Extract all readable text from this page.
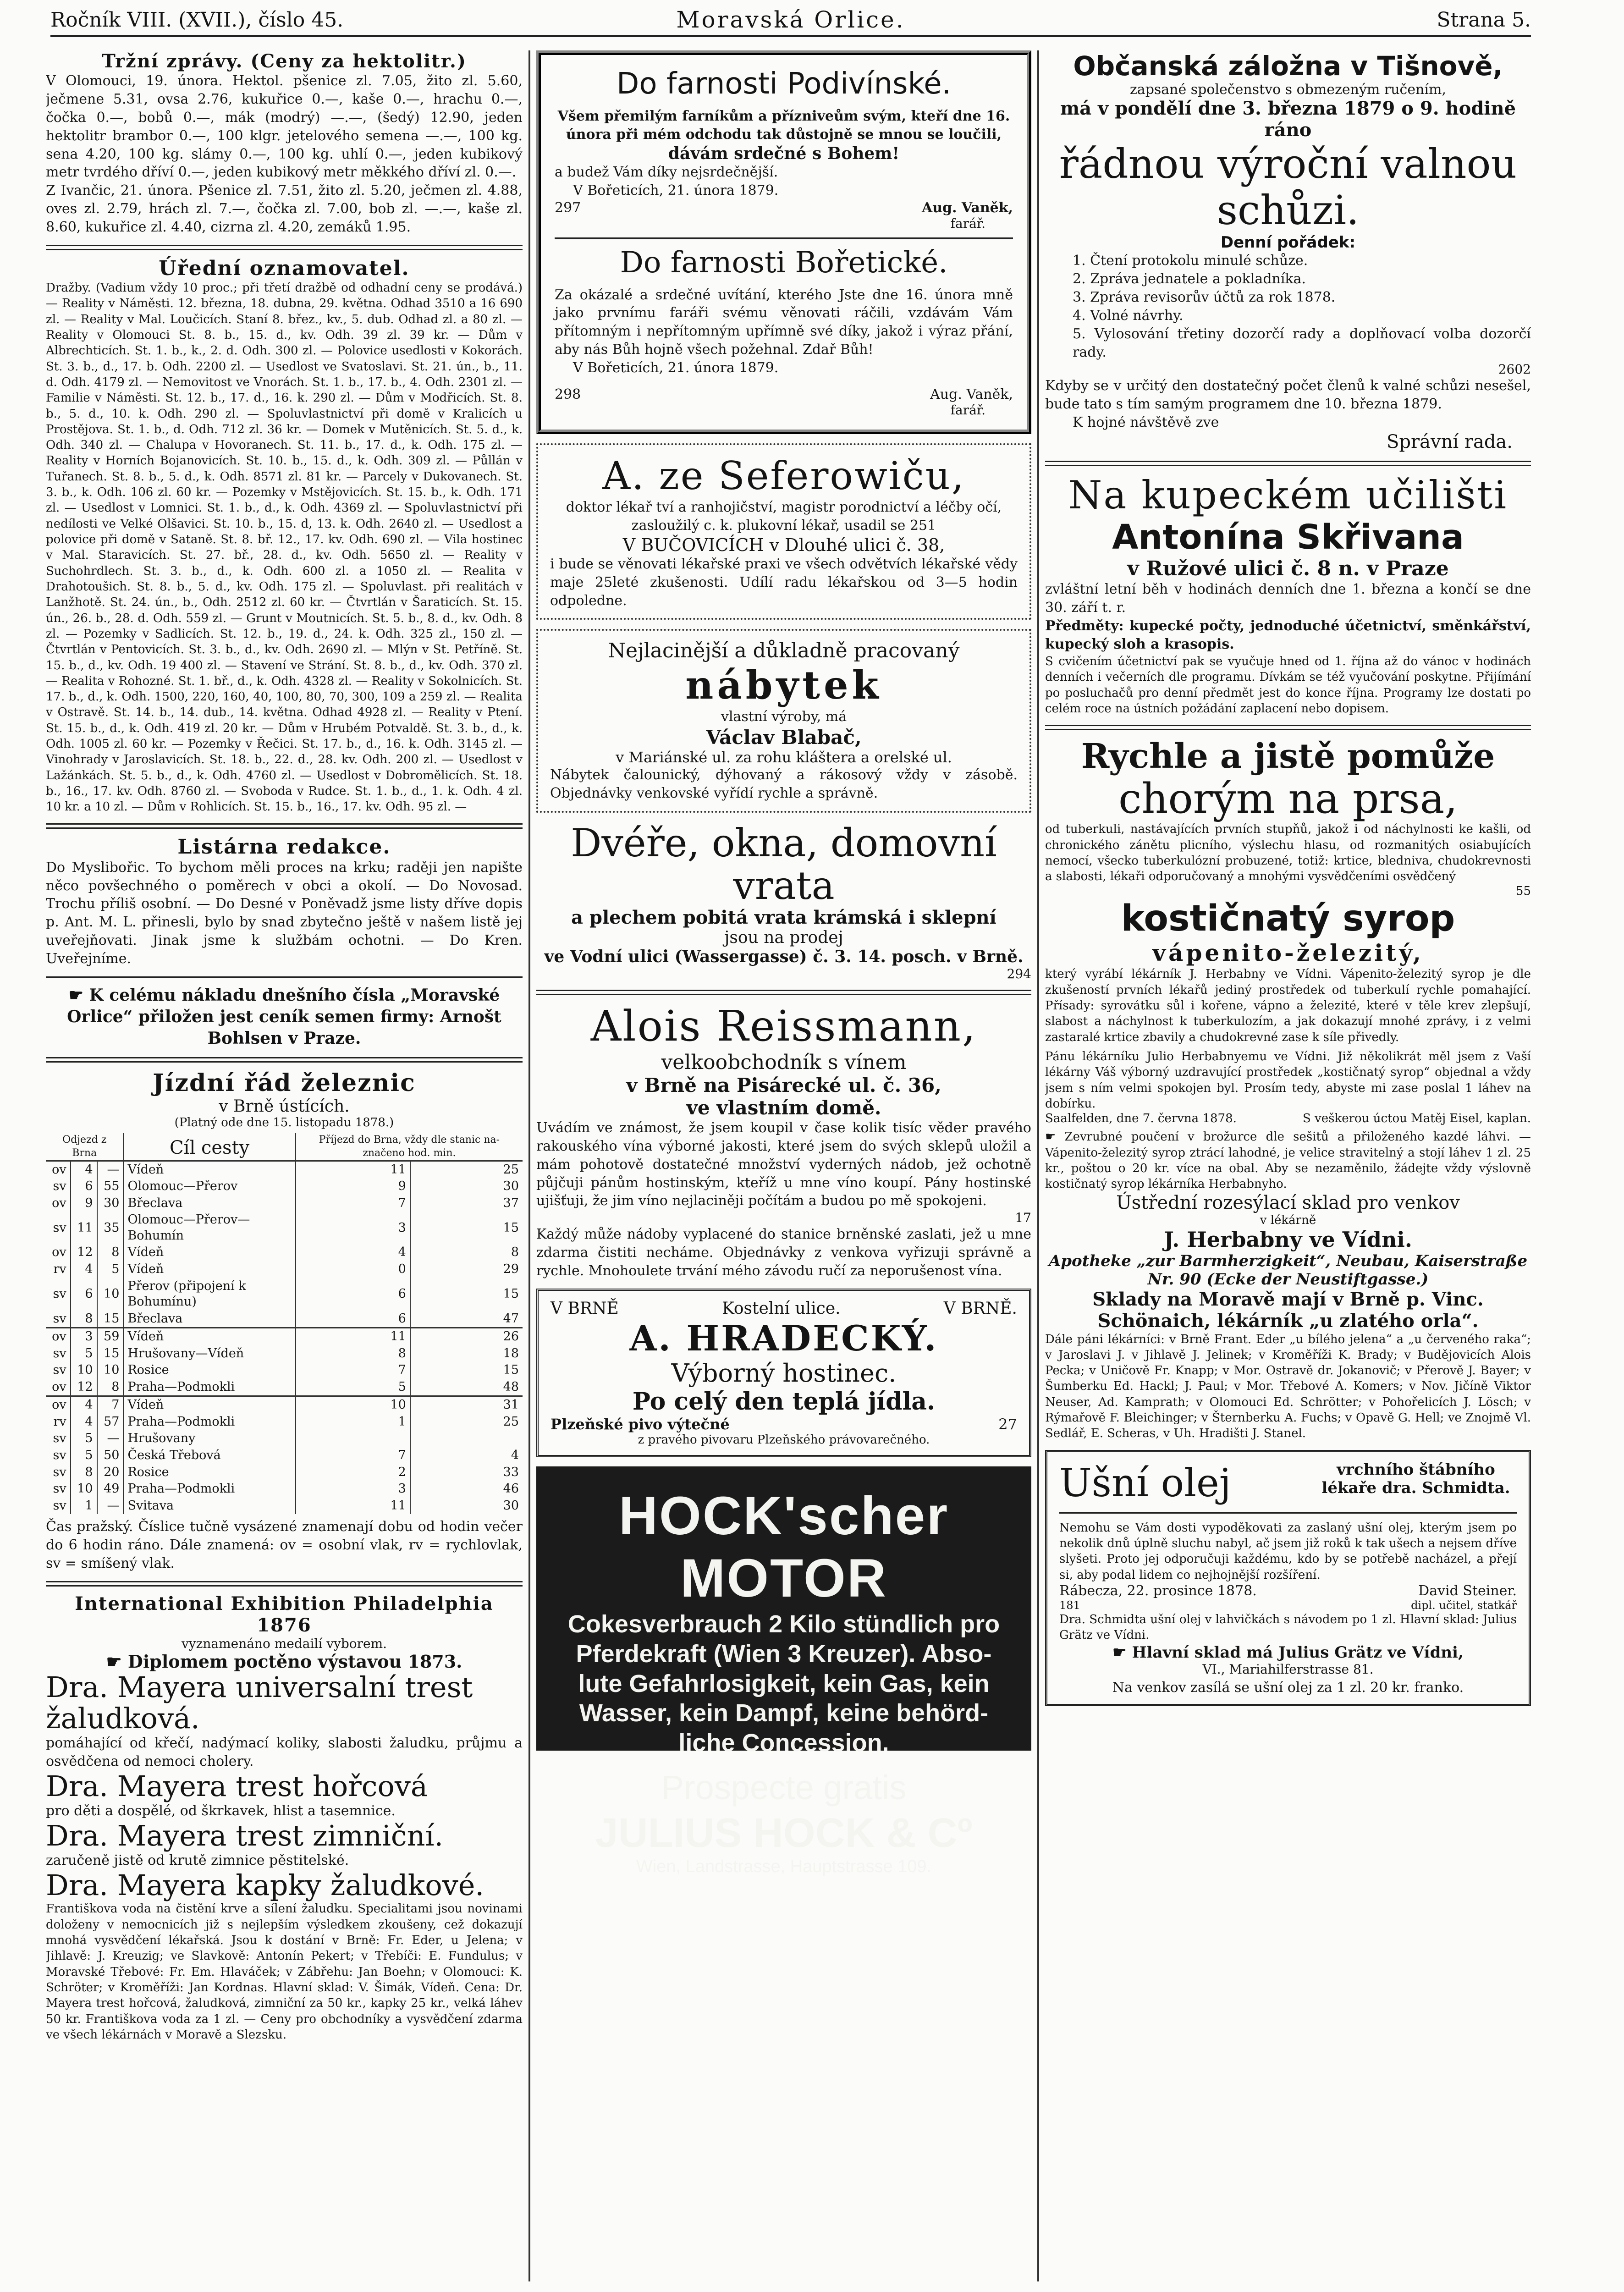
Ročník VIII. (XVII.), číslo 45.	Moravská Orlice.	Strana 5.
Tržní zprávy. (Ceny za hektolitr.)
V Olomouci, 19. února. Hektol. pšenice zl. 7.05, žito zl. 5.60, ječmene 5.31, ovsa 2.76, kukuřice 0.—, kaše 0.—, hrachu 0.—, čočka 0.—, bobů 0.—, mák (modrý) —.—, (šedý) 12.90, jeden hektolitr brambor 0.—, 100 klgr. jetelového semena —.—, 100 kg. sena 4.20, 100 kg. slámy 0.—, 100 kg. uhlí 0.—, jeden kubikový metr tvrdého dříví 0.—, jeden kubikový metr měkkého dříví zl. 0.—.
Z Ivančic, 21. února. Pšenice zl. 7.51, žito zl. 5.20, ječmen zl. 4.88, oves zl. 2.79, hrách zl. 7.—, čočka zl. 7.00, bob zl. —.—, kaše zl. 8.60, kukuřice zl. 4.40, cizrna zl. 4.20, zemáků 1.95.
Úřední oznamovatel.
Dražby. (Vadium vždy 10 proc.; při třetí dražbě od odhadní ceny se prodává.) — Reality v Náměsti. 12. března, 18. dubna, 29. května. Odhad 3510 a 16 690 zl. — Reality v Mal. Loučicích. Staní 8. břez., kv., 5. dub. Odhad zl. a 80 zl. — Reality v Olomouci St. 8. b., 15. d., kv. Odh. 39 zl. 39 kr. — Dům v Albrechticích. St. 1. b., k., 2. d. Odh. 300 zl. — Polovice usedlosti v Kokorách. St. 3. b., d., 17. b. Odh. 2200 zl. — Usedlost ve Svatoslavi. St. 21. ún., b., 11. d. Odh. 4179 zl. — Nemovitost ve Vnorách. St. 1. b., 17. b., 4. Odh. 2301 zl. — Familie v Náměsti. St. 12. b., 17. d., 16. k. 290 zl. — Dům v Modřicích. St. 8. b., 5. d., 10. k. Odh. 290 zl. — Spoluvlastnictví při domě v Kralicích u Prostějova. St. 1. b., d. Odh. 712 zl. 36 kr. — Domek v Mutěnicích. St. 5. d., k. Odh. 340 zl. — Chalupa v Hovoranech. St. 11. b., 17. d., k. Odh. 175 zl. — Reality v Horních Bojanovicích. St. 10. b., 15. d., k. Odh. 309 zl. — Půllán v Tuřanech. St. 8. b., 5. d., k. Odh. 8571 zl. 81 kr. — Parcely v Dukovanech. St. 3. b., k. Odh. 106 zl. 60 kr. — Pozemky v Mstějovicích. St. 15. b., k. Odh. 171 zl. — Usedlost v Lomnici. St. 1. b., d., k. Odh. 4369 zl. — Spoluvlastnictví při nedílosti ve Velké Olšavici. St. 10. b., 15. d, 13. k. Odh. 2640 zl. — Usedlost a polovice při domě v Sataně. St. 8. bř. 12., 17. kv. Odh. 690 zl. — Vila hostinec v Mal. Staravicích. St. 27. bř., 28. d., kv. Odh. 5650 zl. — Reality v Suchohrdlech. St. 3. b., d., k. Odh. 600 zl. a 1050 zl. — Realita v Drahotoušich. St. 8. b., 5. d., kv. Odh. 175 zl. — Spoluvlast. při realitách v Lanžhotě. St. 24. ún., b., Odh. 2512 zl. 60 kr. — Čtvrtlán v Šaraticích. St. 15. ún., 26. b., 28. d. Odh. 559 zl. — Grunt v Moutnicích. St. 5. b., 8. d., kv. Odh. 8 zl. — Pozemky v Sadlicích. St. 12. b., 19. d., 24. k. Odh. 325 zl., 150 zl. — Čtvrtlán v Pentovicích. St. 3. b., d., kv. Odh. 2690 zl. — Mlýn v St. Petříně. St. 15. b., d., kv. Odh. 19 400 zl. — Stavení ve Strání. St. 8. b., d., kv. Odh. 370 zl. — Realita v Rohozné. St. 1. bř., d., k. Odh. 4328 zl. — Reality v Sokolnicích. St. 17. b., d., k. Odh. 1500, 220, 160, 40, 100, 80, 70, 300, 109 a 259 zl. — Realita v Ostravě. St. 14. b., 14. dub., 14. května. Odhad 4928 zl. — Reality v Ptení. St. 15. b., d., k. Odh. 419 zl. 20 kr. — Dům v Hrubém Potvaldě. St. 3. b., d., k. Odh. 1005 zl. 60 kr. — Pozemky v Řečici. St. 17. b., d., 16. k. Odh. 3145 zl. — Vinohrady v Jaroslavicích. St. 18. b., 22. d., 28. kv. Odh. 200 zl. — Usedlost v Lažánkách. St. 5. b., d., k. Odh. 4760 zl. — Usedlost v Dobromělicích. St. 18. b., 16., 17. kv. Odh. 8760 zl. — Svoboda v Rudce. St. 1. b., d., 1. k. Odh. 4 zl. 10 kr. a 10 zl. — Dům v Rohlicích. St. 15. b., 16., 17. kv. Odh. 95 zl. —
Listárna redakce.
Do Myslibořic. To bychom měli proces na krku; raději jen napište něco povšechného o poměrech v obci a okolí. — Do Novosad. Trochu příliš osobní. — Do Desné v Poněvadž jsme listy dříve dopis p. Ant. M. L. přinesli, bylo by snad zbytečno ještě v našem listě jej uveřejňovati. Jinak jsme k službám ochotni. — Do Kren. Uveřejníme.
☛ K celému nákladu dnešního čísla „Moravské Orlice“ přiložen jest ceník semen firmy: Arnošt Bohlsen v Praze.
Jízdní řád železnic
v Brně ústících.
(Platný ode dne 15. listopadu 1878.)
Odjezd z Brna			Cíl cesty	Příjezd do Brna, vždy dle stanic naznačeno hod. min.	
ov	4	—	Vídeň	11	25
sv	6	55	Olomouc—Přerov	9	30
ov	9	30	Břeclava	7	37
sv	11	35	Olomouc—Přerov—Bohumín	3	15
ov	12	8	Vídeň	4	8
rv	4	5	Vídeň	0	29
sv	6	10	Přerov (připojení k Bohumínu)	6	15
sv	8	15	Břeclava	6	47
ov	3	59	Vídeň	11	26
sv	5	15	Hrušovany—Vídeň	8	18
sv	10	10	Rosice	7	15
ov	12	8	Praha—Podmokli	5	48
ov	4	7	Vídeň	10	31
rv	4	57	Praha—Podmokli	1	25
sv	5	—	Hrušovany		
sv	5	50	Česká Třebová	7	4
sv	8	20	Rosice	2	33
sv	10	49	Praha—Podmokli	3	46
sv	1	—	Svitava	11	30
Čas pražský. Číslice tučně vysázené znamenají dobu od hodin večer do 6 hodin ráno. Dále znamená: ov = osobní vlak, rv = rychlovlak, sv = smíšený vlak.
International Exhibition Philadelphia 1876
vyznamenáno medailí vyborem.
☛ Diplomem poctěno výstavou 1873.
Dra. Mayera universalní trest žaludková.
pomáhající od křečí, nadýmací koliky, slabosti žaludku, průjmu a osvědčena od nemoci cholery.
Dra. Mayera trest hořcová
pro děti a dospělé, od škrkavek, hlist a tasemnice.
Dra. Mayera trest zimniční.
zaručeně jistě od krutě zimnice pěstitelské.
Dra. Mayera kapky žaludkové.
Františkova voda na čistění krve a sílení žaludku. Specialitami jsou novinami doloženy v nemocnicích již s nejlepším výsledkem zkoušeny, cež dokazují mnohá vysvědčení lékařská. Jsou k dostání v Brně: Fr. Eder, u Jelena; v Jihlavě: J. Kreuzig; ve Slavkově: Antonín Pekert; v Třebíči: E. Fundulus; v Moravské Třebové: Fr. Em. Hlaváček; v Zábřehu: Jan Boehn; v Olomouci: K. Schröter; v Kroměříži: Jan Kordnas. Hlavní sklad: V. Šimák, Vídeň. Cena: Dr. Mayera trest hořcová, žaludková, zimniční za 50 kr., kapky 25 kr., velká láhev 50 kr. Františkova voda za 1 zl. — Ceny pro obchodníky a vysvědčení zdarma ve všech lékárnách v Moravě a Slezsku.
Do farnosti Podivínské.
Všem přemilým farníkům a přízniveům svým, kteří dne 16. února při mém odchodu tak důstojně se mnou se loučili,
dávám srdečné s Bohem!
a budež Vám díky nejsrdečnější.
V Bořeticích, 21. února 1879.
297	Aug. Vaněk,
farář.
Do farnosti Bořetické.
Za okázalé a srdečné uvítání, kterého Jste dne 16. února mně jako prvnímu faráři svému věnovati ráčili, vzdávám Vám přítomným i nepřítomným upřímně své díky, jakož i výraz přání, aby nás Bůh hojně všech požehnal. Zdař Bůh!
V Bořeticích, 21. února 1879.
298	Aug. Vaněk,
farář.
A. ze Seferowiču,
doktor lékař tví a ranhojičství, magistr porodnictví a léčby očí, zasloužilý c. k. plukovní lékař, usadil se 251
V BUČOVICÍCH v Dlouhé ulici č. 38,
i bude se věnovati lékařské praxi ve všech odvětvích lékařské vědy maje 25leté zkušenosti. Udílí radu lékařskou od 3—5 hodin odpoledne.
Nejlacinější a důkladně pracovaný
nábytek
vlastní výroby, má
Václav Blabač,
v Mariánské ul. za rohu kláštera a orelské ul.
Nábytek čalounický, dýhovaný a rákosový vždy v zásobě. Objednávky venkovské vyřídí rychle a správně.
Dvéře, okna, domovní vrata
a plechem pobitá vrata krámská i sklepní
jsou na prodej
ve Vodní ulici (Wassergasse) č. 3. 14. posch. v Brně.
294
Alois Reissmann,
velkoobchodník s vínem
v Brně na Pisárecké ul. č. 36,
ve vlastním domě.
Uvádím ve známost, že jsem koupil v čase kolik tisíc věder pravého rakouského vína výborné jakosti, které jsem do svých sklepů uložil a mám pohotově dostatečné množství vyderných nádob, jež ochotně půjčuji pánům hostinským, kteříž u mne víno koupí. Pány hostinské ujišťuji, že jim víno nejlaciněji počítám a budou po mě spokojeni.
17
Každý může nádoby vyplacené do stanice brněnské zaslati, jež u mne zdarma čistiti necháme. Objednávky z venkova vyřizuji správně a rychle. Mnohoulete trvání mého závodu ručí za neporušenost vína.
V BRNĚ	Kostelní ulice.	V BRNĚ.
A. HRADECKÝ.
Výborný hostinec.
Po celý den teplá jídla.
Plzeňské pivo výtečné	27
z pravého pivovaru Plzeňského právovarečného.
HOCK'scher MOTOR
Cokesverbrauch 2 Kilo stündlich pro
Pferdekraft (Wien 3 Kreuzer). Abso-
lute Gefahrlosigkeit, kein Gas, kein
Wasser, kein Dampf, keine behörd-
liche Concession.
Prospecte gratis
JULIUS HOCK & Cº
Wien, Landstrasse, Hauptstrasse 109.
Občanská záložna v Tišnově,
zapsané společenstvo s obmezeným ručením,
má v pondělí dne 3. března 1879 o 9. hodině ráno
řádnou výroční valnou schůzi.
Denní pořádek:
1. Čtení protokolu minulé schůze.
2. Zpráva jednatele a pokladníka.
3. Zpráva revisorův účtů za rok 1878.
4. Volné návrhy.
5. Vylosování třetiny dozorčí rady a doplňovací volba dozorčí rady.
2602
Kdyby se v určitý den dostatečný počet členů k valné schůzi nesešel, bude tato s tím samým programem dne 10. března 1879.
K hojné návštěvě zve
Správní rada.
Na kupeckém učilišti
Antonína Skřivana
v Ružové ulici č. 8 n. v Praze
zvláštní letní běh v hodinách denních dne 1. března a končí se dne 30. září t. r.
Předměty: kupecké počty, jednoduché účetnictví, směnkářství, kupecký sloh a krasopis.
S cvičením účetnictví pak se vyučuje hned od 1. října až do vánoc v hodinách denních i večerních dle programu. Dívkám se též vyučování poskytne. Přijímání po posluchačů pro denní předmět jest do konce října. Programy lze dostati po celém roce na ústních požádání zaplacení nebo dopisem.
Rychle a jistě pomůže
chorým na prsa,
od tuberkuli, nastávajících prvních stupňů, jakož i od náchylnosti ke kašli, od chronického zánětu plicního, výslechu hlasu, od rozmanitých osiabujících nemocí, všecko tuberkulózní probuzené, totiž: krtice, bledniva, chudokrevnosti a slabosti, lékaři odporučovaný a mnohými vysvědčeními osvědčený
55
kostičnatý syrop
vápenito-železitý,
který vyrábí lékárník J. Herbabny ve Vídni. Vápenito-železitý syrop je dle zkušeností prvních lékařů jediný prostředek od tuberkulí rychle pomahající. Přísady: syrovátku sůl i kořene, vápno a železité, které v těle krev zlepšují, slabost a náchylnost k tuberkulozím, a jak dokazují mnohé zprávy, i z velmi zastaralé krtice zbavily a chudokrevné zase k síle přivedly.
Pánu lékárníku Julio Herbabnyemu ve Vídni. Již několikrát měl jsem z Vaší lékárny Váš výborný uzdravující prostředek „kostičnatý syrop“ objednal a vždy jsem s ním velmi spokojen byl. Prosím tedy, abyste mi zase poslal 1 láhev na dobírku.
Saalfelden, dne 7. června 1878.	S veškerou úctou Matěj Eisel, kaplan.
☛ Zevrubné poučení v brožurce dle sešitů a přiloženého kazdé láhvi. — Vápenito-železitý syrop ztrácí lahodné, je velice stravitelný a stojí láhev 1 zl. 25 kr., poštou o 20 kr. více na obal. Aby se nezaměnilo, žádejte vždy výslovně kostičnatý syrop lékárníka Herbabnyho.
Ústřední rozesýlací sklad pro venkov
v lékárně
J. Herbabny ve Vídni.
Apotheke „zur Barmherzigkeit“, Neubau, Kaiserstraße Nr. 90 (Ecke der Neustiftgasse.)
Sklady na Moravě mají v Brně p. Vinc. Schönaich, lékárník „u zlatého orla“.
Dále páni lékárníci: v Brně Frant. Eder „u bílého jelena“ a „u červeného raka“; v Jaroslavi J. v Jihlavě J. Jelinek; v Kroměříži K. Brady; v Budějovicích Alois Pecka; v Uničově Fr. Knapp; v Mor. Ostravě dr. Jokanovič; v Přerově J. Bayer; v Šumberku Ed. Hackl; J. Paul; v Mor. Třebové A. Komers; v Nov. Jičíně Viktor Neuser, Ad. Kamprath; v Olomouci Ed. Schrötter; v Pohořelicích J. Lösch; v Rýmařově F. Bleichinger; v Šternberku A. Fuchs; v Opavě G. Hell; ve Znojmě Vl. Sedlář, E. Scheras, v Uh. Hradišti J. Stanel.
Ušní olej	vrchního štábního lékaře dra. Schmidta.
Nemohu se Vám dosti vypoděkovati za zaslaný ušní olej, kterým jsem po nekolik dnů úplně sluchu nabyl, ač jsem již roků k tak ušech a nejsem dříve slyšeti. Proto jej odporučuji každému, kdo by se potřebě nacházel, a přejí si, aby podal lidem co nejhojnější rozšíření.
Rábecza, 22. prosince 1878.	David Steiner.
181	dipl. učitel, statkář
Dra. Schmidta ušní olej v lahvičkách s návodem po 1 zl. Hlavní sklad: Julius Grätz ve Vídni.
☛ Hlavní sklad má Julius Grätz ve Vídni,
VI., Mariahilferstrasse 81.
Na venkov zasílá se ušní olej za 1 zl. 20 kr. franko.
